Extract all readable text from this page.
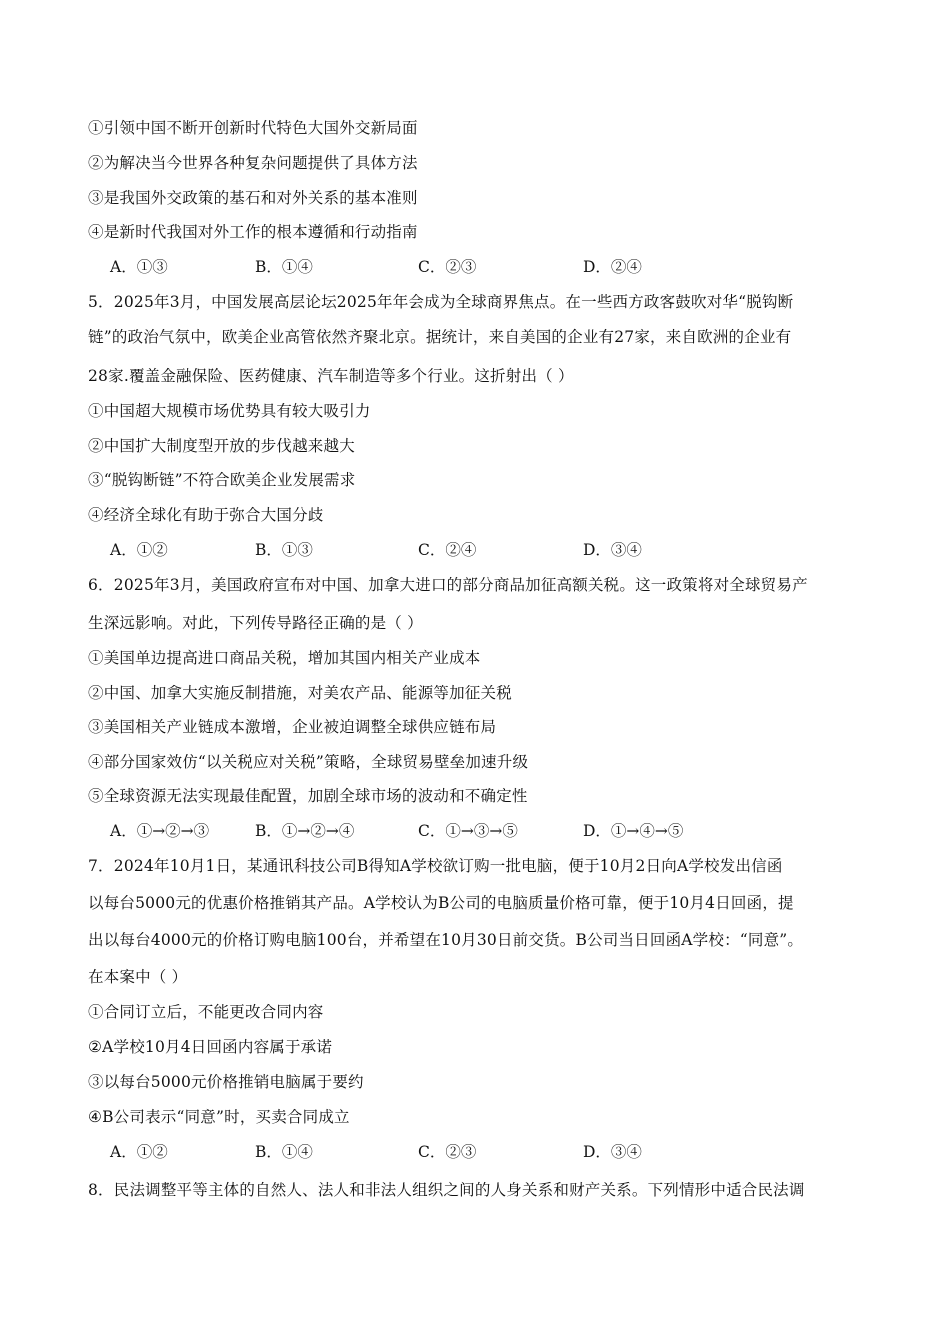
①引领中国不断开创新时代特色大国外交新局面
②为解决当今世界各种复杂问题提供了具体方法
③是我国外交政策的基石和对外关系的基本准则
④是新时代我国对外工作的根本遵循和行动指南
A．①③	B．①④	C．②③	D．②④
5．2025年3月，中国发展高层论坛2025年年会成为全球商界焦点。在一些西方政客鼓吹对华“脱钩断
链”的政治气氛中，欧美企业高管依然齐聚北京。据统计，来自美国的企业有27家，来自欧洲的企业有
28家.覆盖金融保险、医药健康、汽车制造等多个行业。这折射出（ ）
①中国超大规模市场优势具有较大吸引力
②中国扩大制度型开放的步伐越来越大
③“脱钩断链”不符合欧美企业发展需求
④经济全球化有助于弥合大国分歧
A．①②	B．①③	C．②④	D．③④
6．2025年3月，美国政府宣布对中国、加拿大进口的部分商品加征高额关税。这一政策将对全球贸易产
生深远影响。对此，下列传导路径正确的是（ ）
①美国单边提高进口商品关税，增加其国内相关产业成本
②中国、加拿大实施反制措施，对美农产品、能源等加征关税
③美国相关产业链成本激增，企业被迫调整全球供应链布局
④部分国家效仿“以关税应对关税”策略，全球贸易壁垒加速升级
⑤全球资源无法实现最佳配置，加剧全球市场的波动和不确定性
A．①→②→③	B．①→②→④	C．①→③→⑤	D．①→④→⑤
7．2024年10月1日，某通讯科技公司B得知A学校欲订购一批电脑，便于10月2日向A学校发出信函
以每台5000元的优惠价格推销其产品。A学校认为B公司的电脑质量价格可靠，便于10月4日回函，提
出以每台4000元的价格订购电脑100台，并希望在10月30日前交货。B公司当日回函A学校：“同意”。
在本案中（ ）
①合同订立后，不能更改合同内容
②A学校10月4日回函内容属于承诺
③以每台5000元价格推销电脑属于要约
④B公司表示“同意”时，买卖合同成立
A．①②	B．①④	C．②③	D．③④
8．民法调整平等主体的自然人、法人和非法人组织之间的人身关系和财产关系。下列情形中适合民法调
